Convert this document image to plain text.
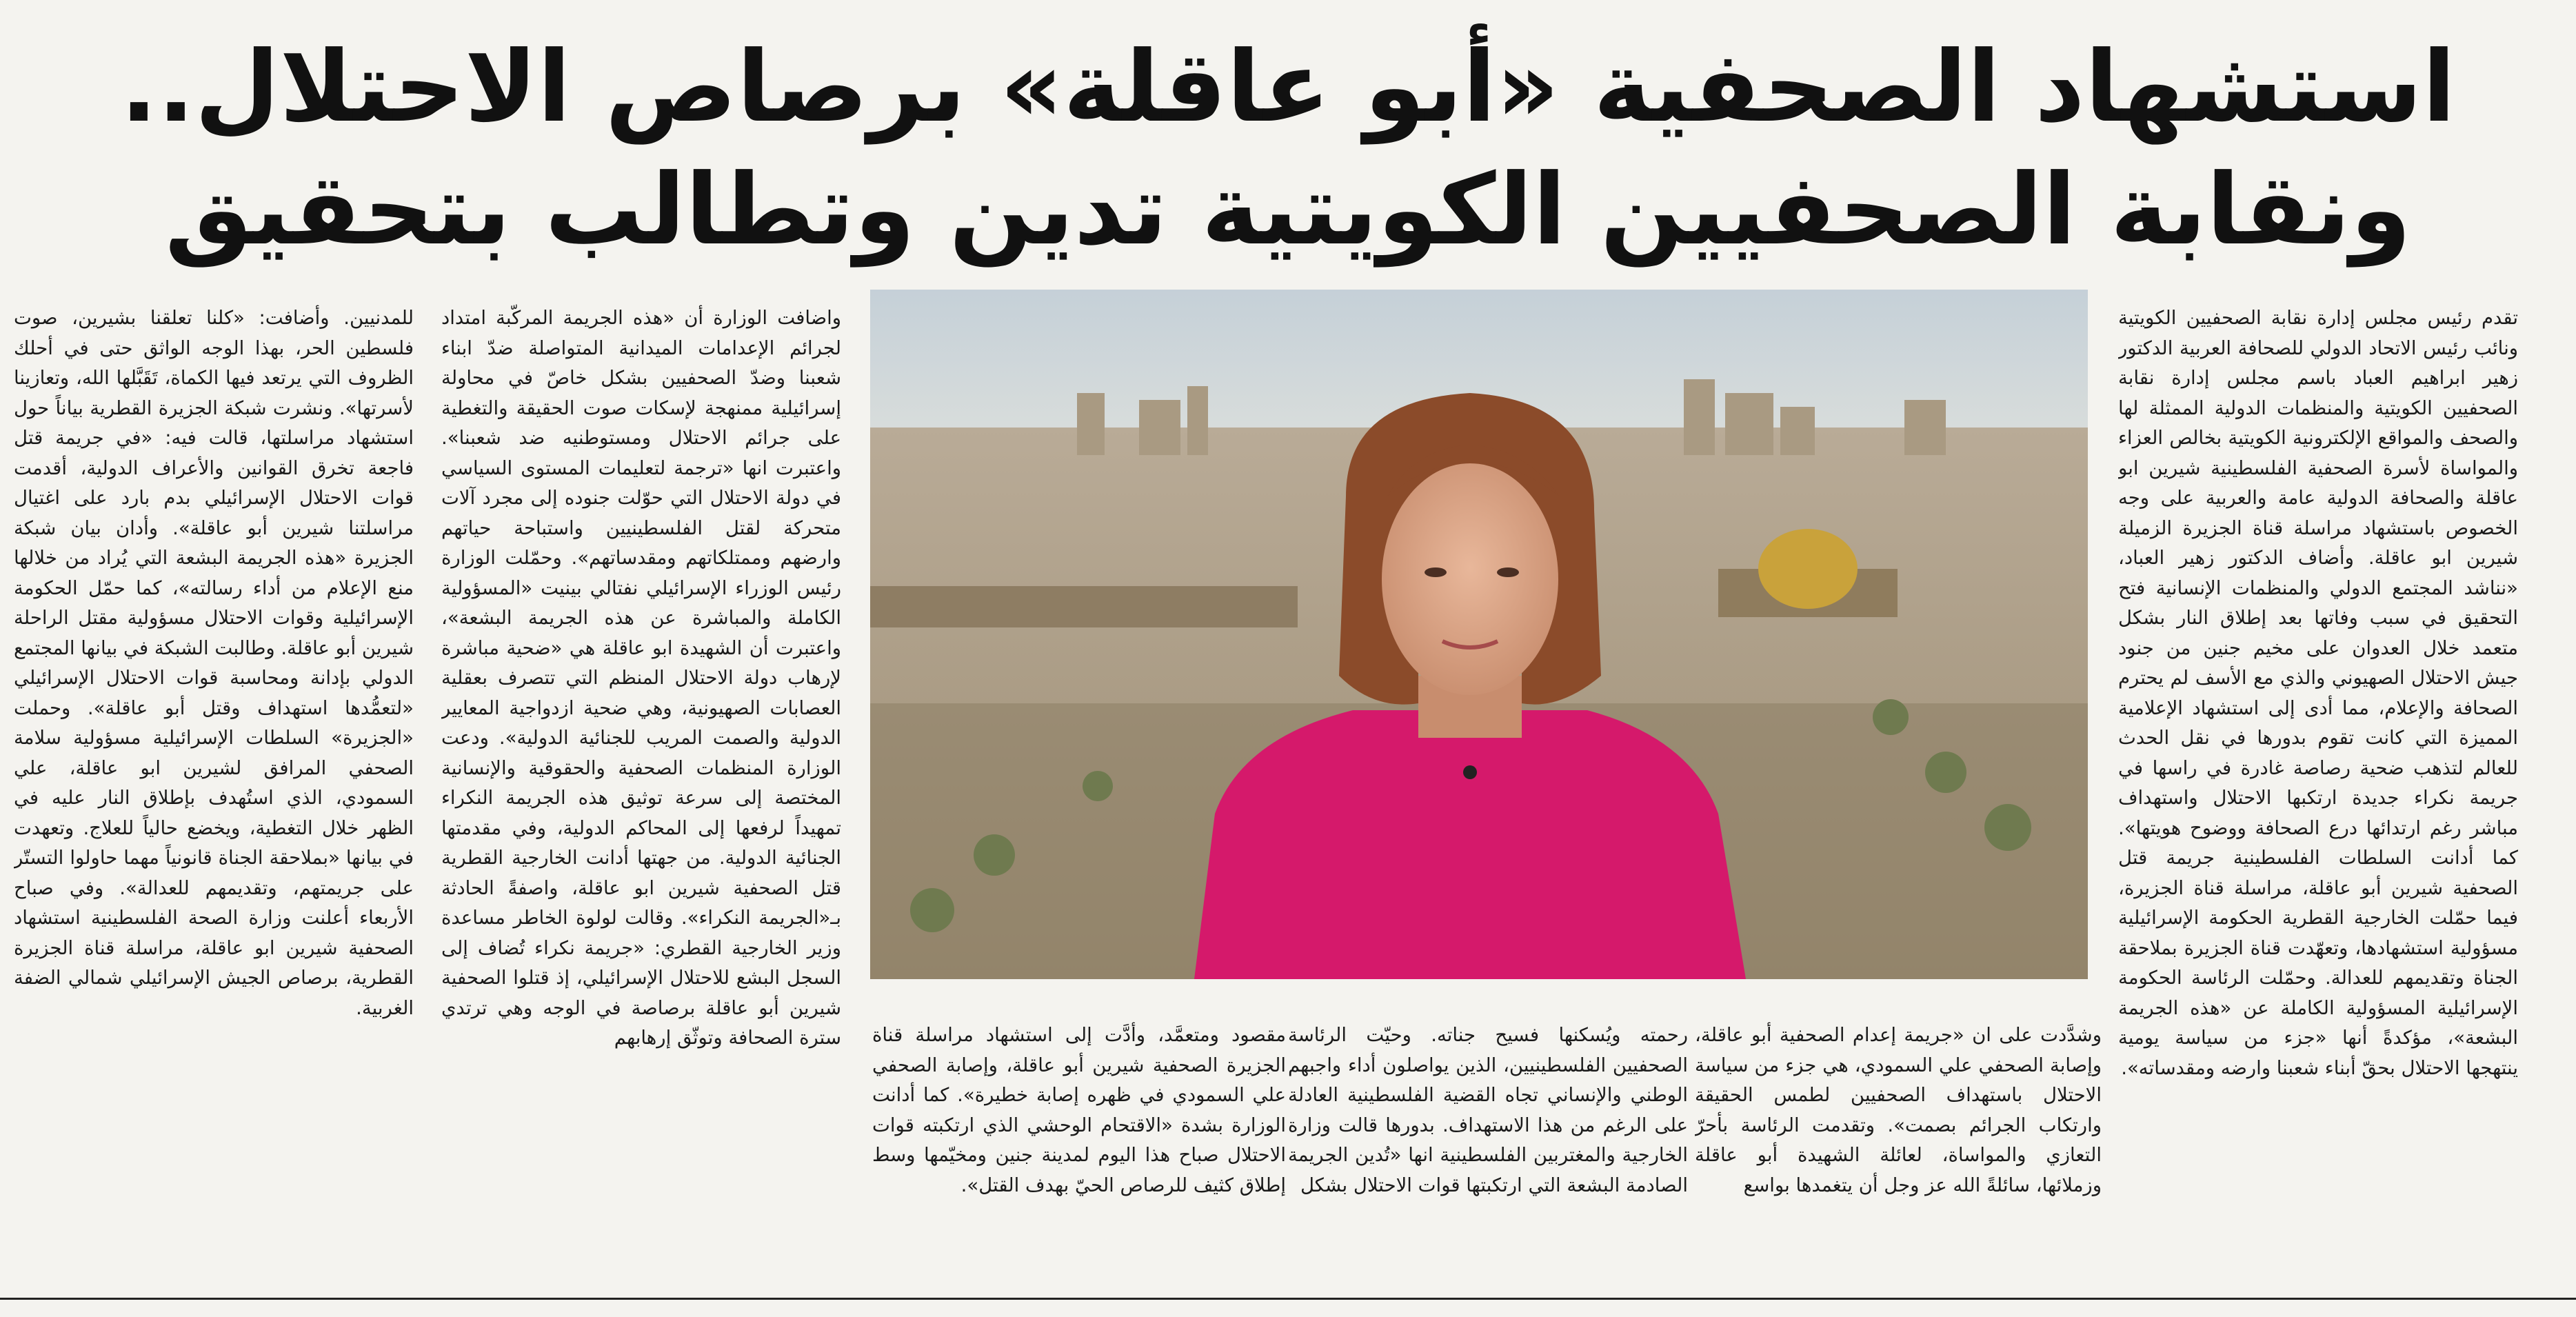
استشهاد الصحفية «أبو عاقلة» برصاص الاحتلال.. ونقابة الصحفيين الكويتية تدين وتطالب بتحقيق

تقدم رئيس مجلس إدارة نقابة الصحفيين الكويتية ونائب رئيس الاتحاد الدولي للصحافة العربية الدكتور زهير ابراهيم العباد باسم مجلس إدارة نقابة الصحفيين الكويتية والمنظمات الدولية الممثلة لها والصحف والمواقع الإلكترونية الكويتية بخالص العزاء والمواساة لأسرة الصحفية الفلسطينية شيرين ابو عاقلة والصحافة الدولية عامة والعربية على وجه الخصوص باستشهاد مراسلة قناة الجزيرة الزميلة شيرين ابو عاقلة. وأضاف الدكتور زهير العباد، «نناشد المجتمع الدولي والمنظمات الإنسانية فتح التحقيق في سبب وفاتها بعد إطلاق النار بشكل متعمد خلال العدوان على مخيم جنين من جنود جيش الاحتلال الصهيوني والذي مع الأسف لم يحترم الصحافة والإعلام، مما أدى إلى استشهاد الإعلامية المميزة التي كانت تقوم بدورها في نقل الحدث للعالم لتذهب ضحية رصاصة غادرة في راسها في جريمة نكراء جديدة ارتكبها الاحتلال واستهداف مباشر رغم ارتدائها درع الصحافة ووضوح هويتها». كما أدانت السلطات الفلسطينية جريمة قتل الصحفية شيرين أبو عاقلة، مراسلة قناة الجزيرة، فيما حمّلت الخارجية القطرية الحكومة الإسرائيلية مسؤولية استشهادها، وتعهّدت قناة الجزيرة بملاحقة الجناة وتقديمهم للعدالة. وحمّلت الرئاسة الحكومة الإسرائيلية المسؤولية الكاملة عن «هذه الجريمة البشعة»، مؤكدةً أنها «جزء من سياسة يومية ينتهجها الاحتلال بحقّ أبناء شعبنا وارضه ومقدساته».

مقصود ومتعمَّد، وأدَّت إلى استشهاد مراسلة قناة الجزيرة الصحفية شيرين أبو عاقلة، وإصابة الصحفي علي السمودي في ظهره إصابة خطيرة». كما أدانت الوزارة بشدة «الاقتحام الوحشي الذي ارتكبته قوات الاحتلال صباح هذا اليوم لمدينة جنين ومخيّمها وسط إطلاق كثيف للرصاص الحيّ بهدف القتل».

رحمته ويُسكنها فسيح جناته. وحيّت الرئاسة الصحفيين الفلسطينيين، الذين يواصلون أداء واجبهم الوطني والإنساني تجاه القضية الفلسطينية العادلة على الرغم من هذا الاستهداف. بدورها قالت وزارة الخارجية والمغتربين الفلسطينية انها «تُدين الجريمة الصادمة البشعة التي ارتكبتها قوات الاحتلال بشكل

وشدَّدت على ان «جريمة إعدام الصحفية أبو عاقلة، وإصابة الصحفي علي السمودي، هي جزء من سياسة الاحتلال باستهداف الصحفيين لطمس الحقيقة وارتكاب الجرائم بصمت». وتقدمت الرئاسة بأحرّ التعازي والمواساة، لعائلة الشهيدة أبو عاقلة وزملائها، سائلةً الله عز وجل أن يتغمدها بواسع

واضافت الوزارة أن «هذه الجريمة المركّبة امتداد لجرائم الإعدامات الميدانية المتواصلة ضدّ ابناء شعبنا وضدّ الصحفيين بشكل خاصّ في محاولة إسرائيلية ممنهجة لإسكات صوت الحقيقة والتغطية على جرائم الاحتلال ومستوطنيه ضد شعبنا». واعتبرت انها «ترجمة لتعليمات المستوى السياسي في دولة الاحتلال التي حوّلت جنوده إلى مجرد آلات متحركة لقتل الفلسطينيين واستباحة حياتهم وارضهم وممتلكاتهم ومقدساتهم». وحمّلت الوزارة رئيس الوزراء الإسرائيلي نفتالي بينيت «المسؤولية الكاملة والمباشرة عن هذه الجريمة البشعة»، واعتبرت أن الشهيدة ابو عاقلة هي «ضحية مباشرة لإرهاب دولة الاحتلال المنظم التي تتصرف بعقلية العصابات الصهيونية، وهي ضحية ازدواجية المعايير الدولية والصمت المريب للجنائية الدولية». ودعت الوزارة المنظمات الصحفية والحقوقية والإنسانية المختصة إلى سرعة توثيق هذه الجريمة النكراء تمهيداً لرفعها إلى المحاكم الدولية، وفي مقدمتها الجنائية الدولية. من جهتها أدانت الخارجية القطرية قتل الصحفية شيرين ابو عاقلة، واصفةً الحادثة بـ«الجريمة النكراء». وقالت لولوة الخاطر مساعدة وزير الخارجية القطري: «جريمة نكراء تُضاف إلى السجل البشع للاحتلال الإسرائيلي، إذ قتلوا الصحفية شيرين أبو عاقلة برصاصة في الوجه وهي ترتدي سترة الصحافة وتوثّق إرهابهم

للمدنيين. وأضافت: «كلنا تعلقنا بشيرين، صوت فلسطين الحر، بهذا الوجه الواثق حتى في أحلك الظروف التي يرتعد فيها الكماة، تَقَبَّلها الله، وتعازينا لأسرتها». ونشرت شبكة الجزيرة القطرية بياناً حول استشهاد مراسلتها، قالت فيه: «في جريمة قتل فاجعة تخرق القوانين والأعراف الدولية، أقدمت قوات الاحتلال الإسرائيلي بدم بارد على اغتيال مراسلتنا شيرين أبو عاقلة». وأدان بيان شبكة الجزيرة «هذه الجريمة البشعة التي يُراد من خلالها منع الإعلام من أداء رسالته»، كما حمّل الحكومة الإسرائيلية وقوات الاحتلال مسؤولية مقتل الراحلة شيرين أبو عاقلة. وطالبت الشبكة في بيانها المجتمع الدولي بإدانة ومحاسبة قوات الاحتلال الإسرائيلي «لتعمُّدها استهداف وقتل أبو عاقلة». وحملت «الجزيرة» السلطات الإسرائيلية مسؤولية سلامة الصحفي المرافق لشيرين ابو عاقلة، علي السمودي، الذي استُهدف بإطلاق النار عليه في الظهر خلال التغطية، ويخضع حالياً للعلاج. وتعهدت في بيانها «بملاحقة الجناة قانونياً مهما حاولوا التستّر على جريمتهم، وتقديمهم للعدالة». وفي صباح الأربعاء أعلنت وزارة الصحة الفلسطينية استشهاد الصحفية شيرين ابو عاقلة، مراسلة قناة الجزيرة القطرية، برصاص الجيش الإسرائيلي شمالي الضفة الغربية.
